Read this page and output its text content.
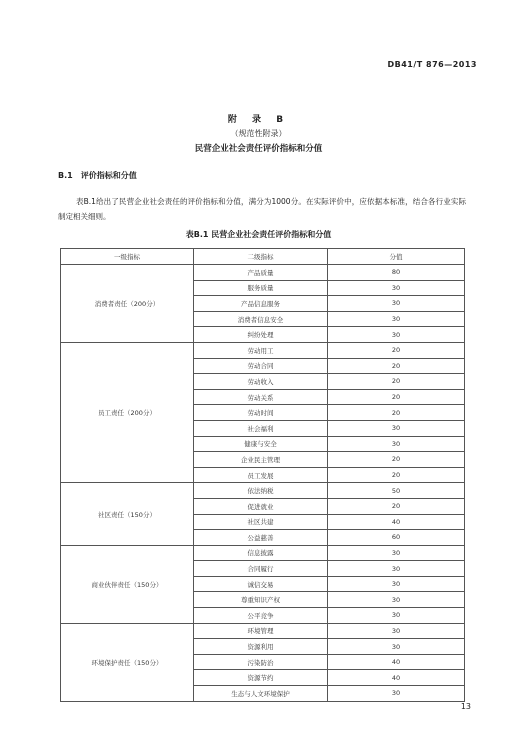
DB41/T 876—2013
附 录 B
（规范性附录）
民营企业社会责任评价指标和分值
B.1 评价指标和分值
表B.1给出了民营企业社会责任的评价指标和分值，满分为1000分。在实际评价中，应依据本标准，结合各行业实际制定相关细则。
表B.1 民营企业社会责任评价指标和分值
一级指标	二级指标	分值
消费者责任（200分）	产品质量	80
	服务质量	30
	产品信息服务	30
	消费者信息安全	30
	纠纷处理	30
员工责任（200分）	劳动用工	20
	劳动合同	20
	劳动收入	20
	劳动关系	20
	劳动时间	20
	社会福利	30
	健康与安全	30
	企业民主管理	20
	员工发展	20
社区责任（150分）	依法纳税	50
	促进就业	20
	社区共建	40
	公益慈善	60
商业伙伴责任（150分）	信息披露	30
	合同履行	30
	诚信交易	30
	尊重知识产权	30
	公平竞争	30
环境保护责任（150分）	环境管理	30
	资源利用	30
	污染防治	40
	资源节约	40
	生态与人文环境保护	30
13
